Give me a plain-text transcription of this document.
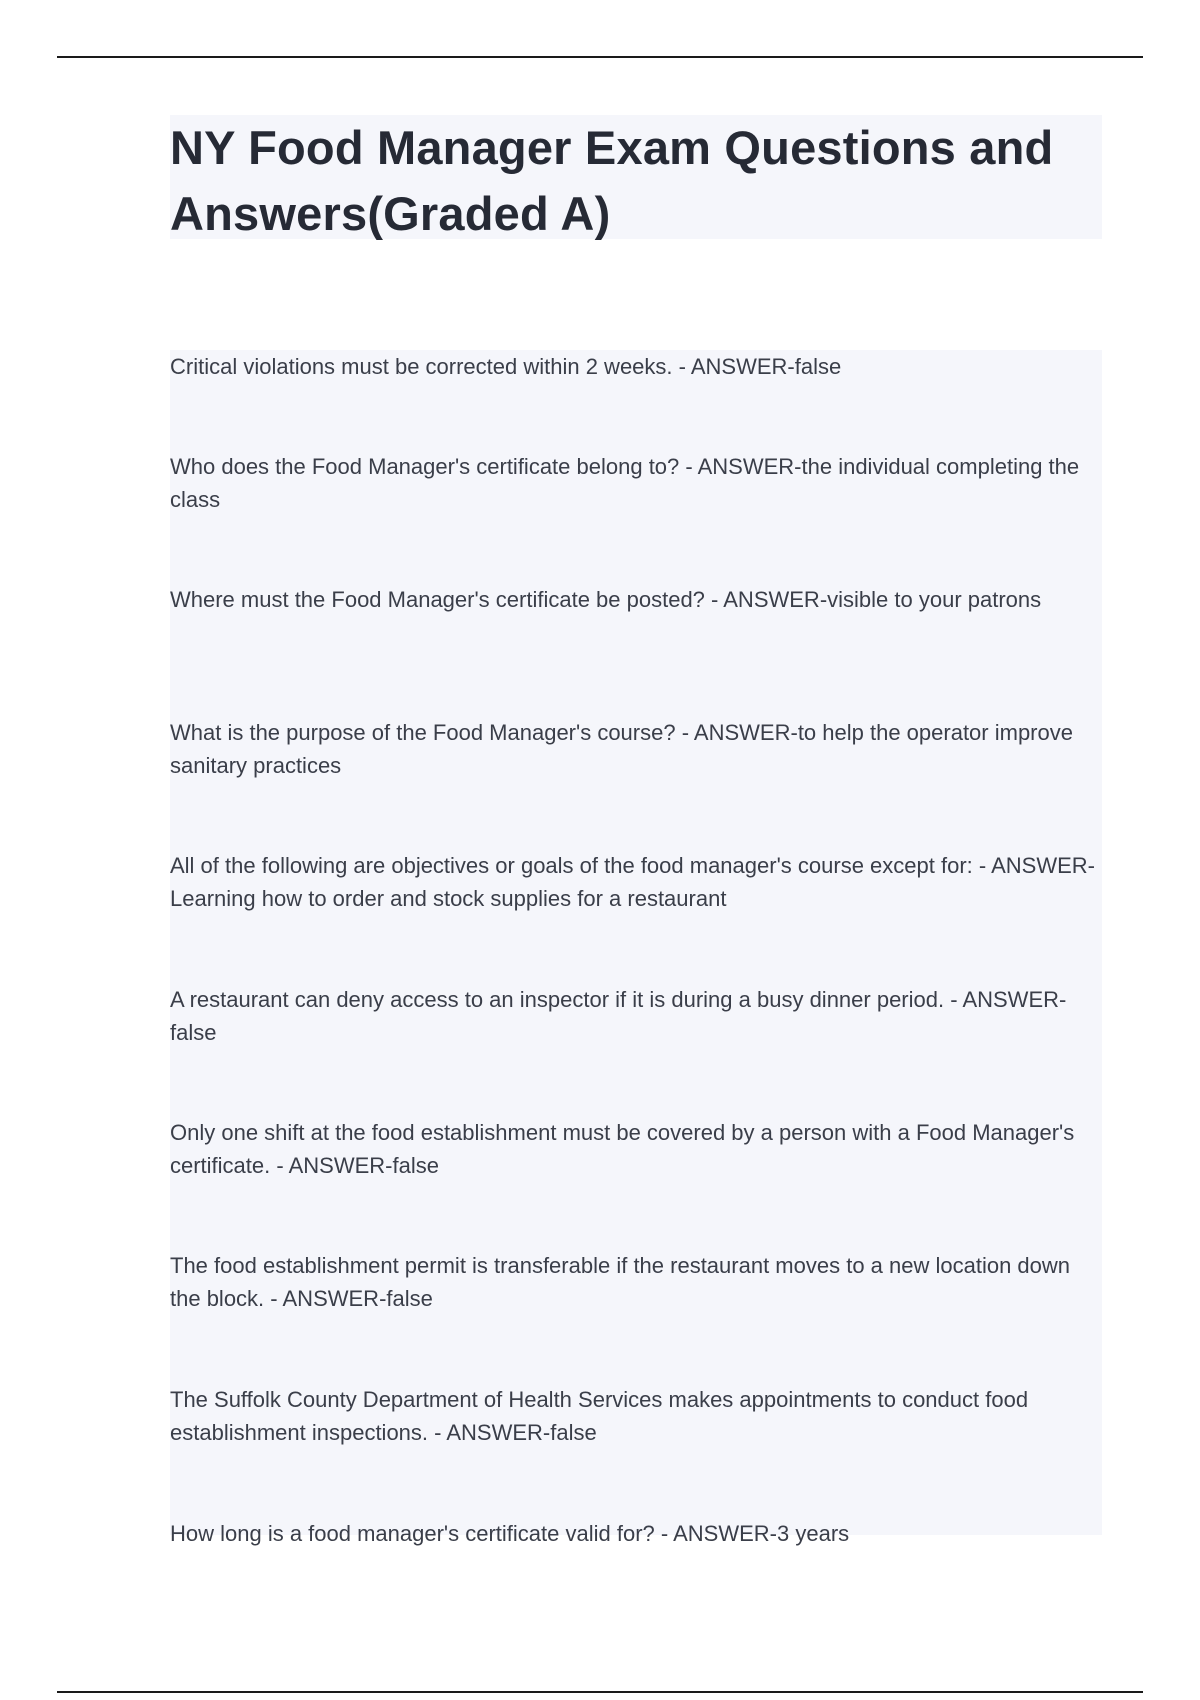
NY Food Manager Exam Questions and Answers(Graded A)
Critical violations must be corrected within 2 weeks. - ANSWER-false
Who does the Food Manager's certificate belong to? - ANSWER-the individual completing the class
Where must the Food Manager's certificate be posted? - ANSWER-visible to your patrons
What is the purpose of the Food Manager's course? - ANSWER-to help the operator improve sanitary practices
All of the following are objectives or goals of the food manager's course except for: - ANSWER-Learning how to order and stock supplies for a restaurant
A restaurant can deny access to an inspector if it is during a busy dinner period. - ANSWER-false
Only one shift at the food establishment must be covered by a person with a Food Manager's certificate. - ANSWER-false
The food establishment permit is transferable if the restaurant moves to a new location down the block. - ANSWER-false
The Suffolk County Department of Health Services makes appointments to conduct food establishment inspections. - ANSWER-false
How long is a food manager's certificate valid for? - ANSWER-3 years
